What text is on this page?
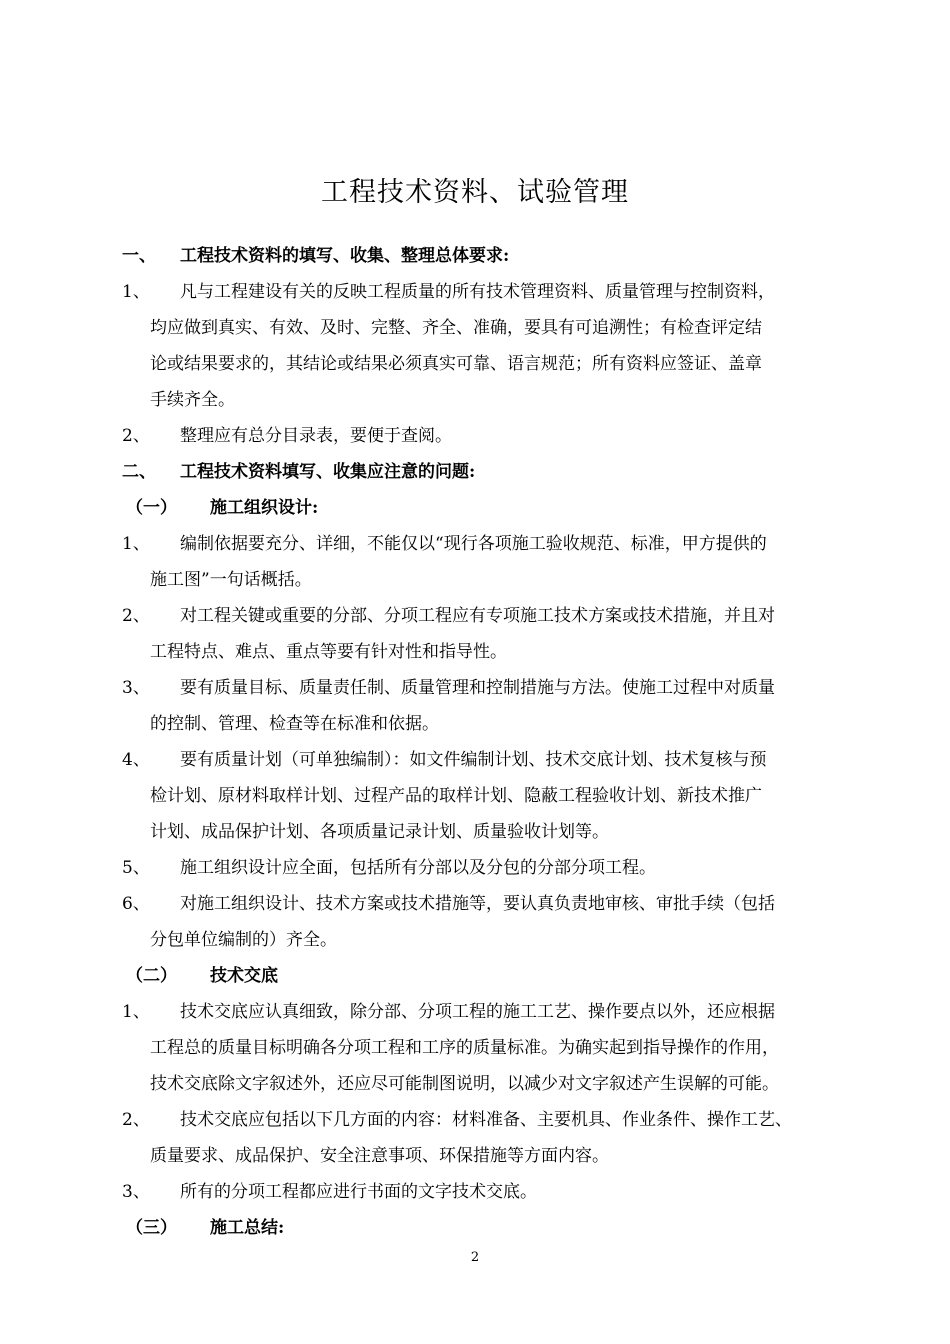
工程技术资料、试验管理
一、	工程技术资料的填写、收集、整理总体要求:
1、 凡与工程建设有关的反映工程质量的所有技术管理资料、质量管理与控制资料，
均应做到真实、有效、及时、完整、齐全、准确，要具有可追溯性；有检查评定结
论或结果要求的，其结论或结果必须真实可靠、语言规范；所有资料应签证、盖章
手续齐全。
2、 整理应有总分目录表，要便于查阅。
二、	工程技术资料填写、收集应注意的问题:
（一）	施工组织设计:
1、 编制依据要充分、详细，不能仅以“现行各项施工验收规范、标准，甲方提供的
施工图”一句话概括。
2、 对工程关键或重要的分部、分项工程应有专项施工技术方案或技术措施，并且对
工程特点、难点、重点等要有针对性和指导性。
3、 要有质量目标、质量责任制、质量管理和控制措施与方法。使施工过程中对质量
的控制、管理、检查等在标准和依据。
4、 要有质量计划（可单独编制）：如文件编制计划、技术交底计划、技术复核与预
检计划、原材料取样计划、过程产品的取样计划、隐蔽工程验收计划、新技术推广
计划、成品保护计划、各项质量记录计划、质量验收计划等。
5、 施工组织设计应全面，包括所有分部以及分包的分部分项工程。
6、 对施工组织设计、技术方案或技术措施等，要认真负责地审核、审批手续（包括
分包单位编制的）齐全。
（二）	技术交底
1、 技术交底应认真细致，除分部、分项工程的施工工艺、操作要点以外，还应根据
工程总的质量目标明确各分项工程和工序的质量标准。为确实起到指导操作的作用，
技术交底除文字叙述外，还应尽可能制图说明，以减少对文字叙述产生误解的可能。
2、 技术交底应包括以下几方面的内容：材料准备、主要机具、作业条件、操作工艺、
质量要求、成品保护、安全注意事项、环保措施等方面内容。
3、 所有的分项工程都应进行书面的文字技术交底。
（三）	施工总结:
2
